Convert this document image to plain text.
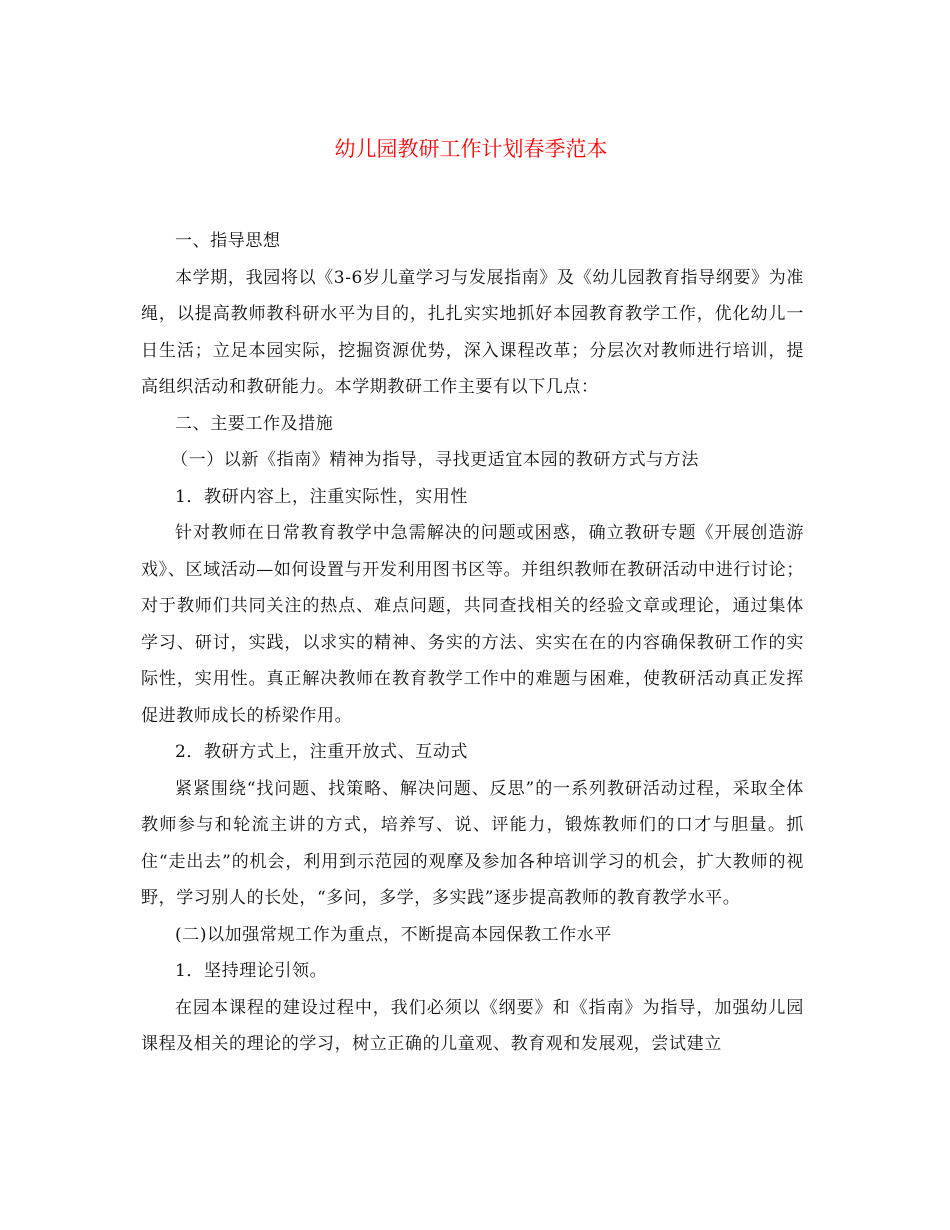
幼儿园教研工作计划春季范本

一、指导思想

本学期，我园将以《3-6岁儿童学习与发展指南》及《幼儿园教育指导纲要》为准绳，以提高教师教科研水平为目的，扎扎实实地抓好本园教育教学工作，优化幼儿一日生活；立足本园实际，挖掘资源优势，深入课程改革；分层次对教师进行培训，提高组织活动和教研能力。本学期教研工作主要有以下几点：

二、主要工作及措施

（一）以新《指南》精神为指导，寻找更适宜本园的教研方式与方法

1．教研内容上，注重实际性，实用性

针对教师在日常教育教学中急需解决的问题或困惑，确立教研专题《开展创造游戏》、区域活动—如何设置与开发利用图书区等。并组织教师在教研活动中进行讨论；对于教师们共同关注的热点、难点问题，共同查找相关的经验文章或理论，通过集体学习、研讨，实践，以求实的精神、务实的方法、实实在在的内容确保教研工作的实际性，实用性。真正解决教师在教育教学工作中的难题与困难，使教研活动真正发挥促进教师成长的桥梁作用。

2．教研方式上，注重开放式、互动式

紧紧围绕“找问题、找策略、解决问题、反思”的一系列教研活动过程，采取全体教师参与和轮流主讲的方式，培养写、说、评能力，锻炼教师们的口才与胆量。抓住“走出去”的机会，利用到示范园的观摩及参加各种培训学习的机会，扩大教师的视野，学习别人的长处，“多问，多学，多实践”逐步提高教师的教育教学水平。

(二)以加强常规工作为重点，不断提高本园保教工作水平

1．坚持理论引领。

在园本课程的建设过程中，我们必须以《纲要》和《指南》为指导，加强幼儿园课程及相关的理论的学习，树立正确的儿童观、教育观和发展观，尝试建立
